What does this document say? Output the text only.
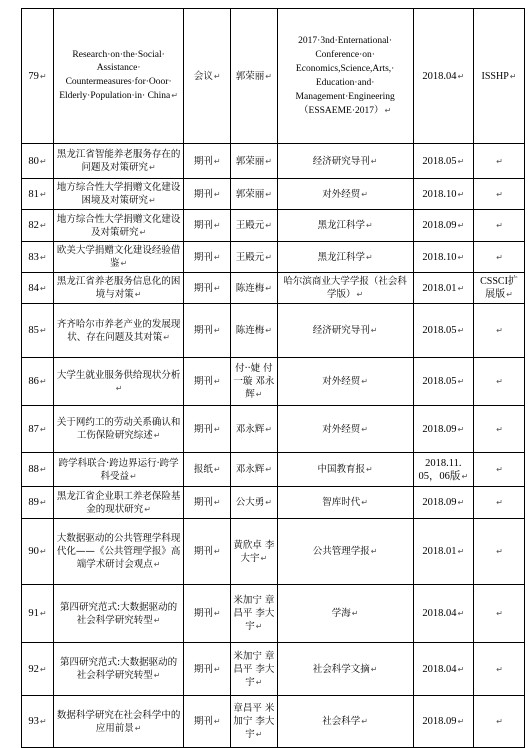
79↵	Research·on·the·Social· Assistance· Countermeasures·for·Ooor· Elderly·Population·in· China↵	会议↵	郭荣丽↵	2017·3nd·Enternational· Conference·on· Economics,Science,Arts,· Education·and· Management·Engineering （ESSAEME·2017）↵	2018.04↵	ISSHP↵
80↵	黑龙江省智能养老服务存在的问题及对策研究↵	期刊↵	郭荣丽↵	经济研究导刊↵	2018.05↵	↵
81↵	地方综合性大学捐赠文化建设困境及对策研究↵	期刊↵	郭荣丽↵	对外经贸↵	2018.10↵	↵
82↵	地方综合性大学捐赠文化建设及对策研究↵	期刊↵	王殿元↵	黑龙江科学↵	2018.09↵	↵
83↵	欧美大学捐赠文化建设经验借鉴↵	期刊↵	王殿元↵	黑龙江科学↵	2018.10↵	↵
84↵	黑龙江省养老服务信息化的困境与对策↵	期刊↵	陈连梅↵	哈尔滨商业大学学报（社会科学版）↵	2018.01↵	CSSCI扩展版↵
85↵	齐齐哈尔市养老产业的发展现状、存在问题及其对策↵	期刊↵	陈连梅↵	经济研究导刊↵	2018.05↵	↵
86↵	大学生就业服务供给现状分析↵	期刊↵	付··婕 付一璇 邓永辉↵	对外经贸↵	2018.05↵	↵
87↵	关于网约工的劳动关系确认和工伤保险研究综述↵	期刊↵	邓永辉↵	对外经贸↵	2018.09↵	↵
88↵	跨学科联合·跨边界运行·跨学科受益↵	报纸↵	邓永辉↵	中国教育报↵	2018.11. 05，06版↵	↵
89↵	黑龙江省企业职工养老保险基金的现状研究↵	期刊↵	公大勇↵	智库时代↵	2018.09↵	↵
90↵	大数据驱动的公共管理学科现代化——《公共管理学报》高端学术研讨会观点↵	期刊↵	黄欣卓 李大宇↵	公共管理学报↵	2018.01↵	↵
91↵	第四研究范式:大数据驱动的社会科学研究转型↵	期刊↵	米加宁 章昌平 李大宇↵	学海↵	2018.04↵	↵
92↵	第四研究范式:大数据驱动的社会科学研究转型↵	期刊↵	米加宁 章昌平 李大宇↵	社会科学文摘↵	2018.04↵	↵
93↵	数据科学研究在社会科学中的应用前景↵	期刊↵	章昌平 米加宁 李大宇↵	社会科学↵	2018.09↵	↵
